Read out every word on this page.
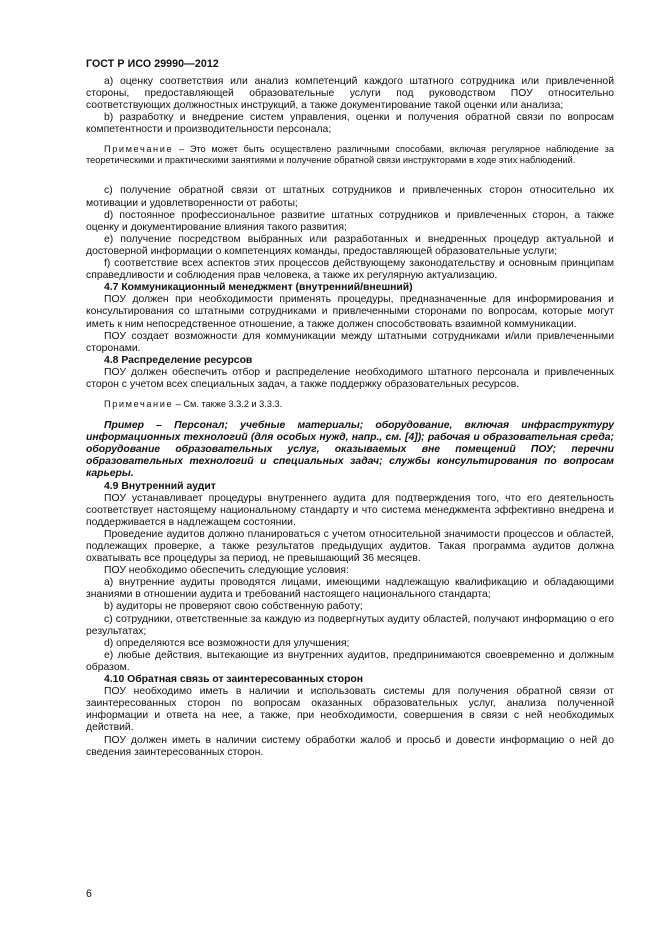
ГОСТ Р ИСО 29990—2012

a) оценку соответствия или анализ компетенций каждого штатного сотрудника или привлеченной стороны, предоставляющей образовательные услуги под руководством ПОУ относительно соответствующих должностных инструкций, а также документирование такой оценки или анализа;

b) разработку и внедрение систем управления, оценки и получения обратной связи по вопросам компетентности и производительности персонала;

Примечание – Это может быть осуществлено различными способами, включая регулярное наблюдение за теоретическими и практическими занятиями и получение обратной связи инструкторами в ходе этих наблюдений.

c) получение обратной связи от штатных сотрудников и привлеченных сторон относительно их мотивации и удовлетворенности от работы;

d) постоянное профессиональное развитие штатных сотрудников и привлеченных сторон, а также оценку и документирование влияния такого развития;

e) получение посредством выбранных или разработанных и внедренных процедур актуальной и достоверной информации о компетенциях команды, предоставляющей образовательные услуги;

f) соответствие всех аспектов этих процессов действующему законодательству и основным принципам справедливости и соблюдения прав человека, а также их регулярную актуализацию.

4.7 Коммуникационный менеджмент (внутренний/внешний)

ПОУ должен при необходимости применять процедуры, предназначенные для информирования и консультирования со штатными сотрудниками и привлеченными сторонами по вопросам, которые могут иметь к ним непосредственное отношение, а также должен способствовать взаимной коммуникации.

ПОУ создает возможности для коммуникации между штатными сотрудниками и/или привлеченными сторонами.

4.8 Распределение ресурсов

ПОУ должен обеспечить отбор и распределение необходимого штатного персонала и привлеченных сторон с учетом всех специальных задач, а также поддержку образовательных ресурсов.

Примечание – См. также 3.3.2 и 3.3.3.

Пример – Персонал; учебные материалы; оборудование, включая инфраструктуру информационных технологий (для особых нужд, напр., см. [4]); рабочая и образовательная среда; оборудование образовательных услуг, оказываемых вне помещений ПОУ; перечни образовательных технологий и специальных задач; службы консультирования по вопросам карьеры.

4.9 Внутренний аудит

ПОУ устанавливает процедуры внутреннего аудита для подтверждения того, что его деятельность соответствует настоящему национальному стандарту и что система менеджмента эффективно внедрена и поддерживается в надлежащем состоянии.

Проведение аудитов должно планироваться с учетом относительной значимости процессов и областей, подлежащих проверке, а также результатов предыдущих аудитов. Такая программа аудитов должна охватывать все процедуры за период, не превышающий 36 месяцев.

ПОУ необходимо обеспечить следующие условия:

a) внутренние аудиты проводятся лицами, имеющими надлежащую квалификацию и обладающими знаниями в отношении аудита и требований настоящего национального стандарта;

b) аудиторы не проверяют свою собственную работу;

c) сотрудники, ответственные за каждую из подвергнутых аудиту областей, получают информацию о его результатах;

d) определяются все возможности для улучшения;

e) любые действия, вытекающие из внутренних аудитов, предпринимаются своевременно и должным образом.

4.10 Обратная связь от заинтересованных сторон

ПОУ необходимо иметь в наличии и использовать системы для получения обратной связи от заинтересованных сторон по вопросам оказанных образовательных услуг, анализа полученной информации и ответа на нее, а также, при необходимости, совершения в связи с ней необходимых действий.

ПОУ должен иметь в наличии систему обработки жалоб и просьб и довести информацию о ней до сведения заинтересованных сторон.

6
